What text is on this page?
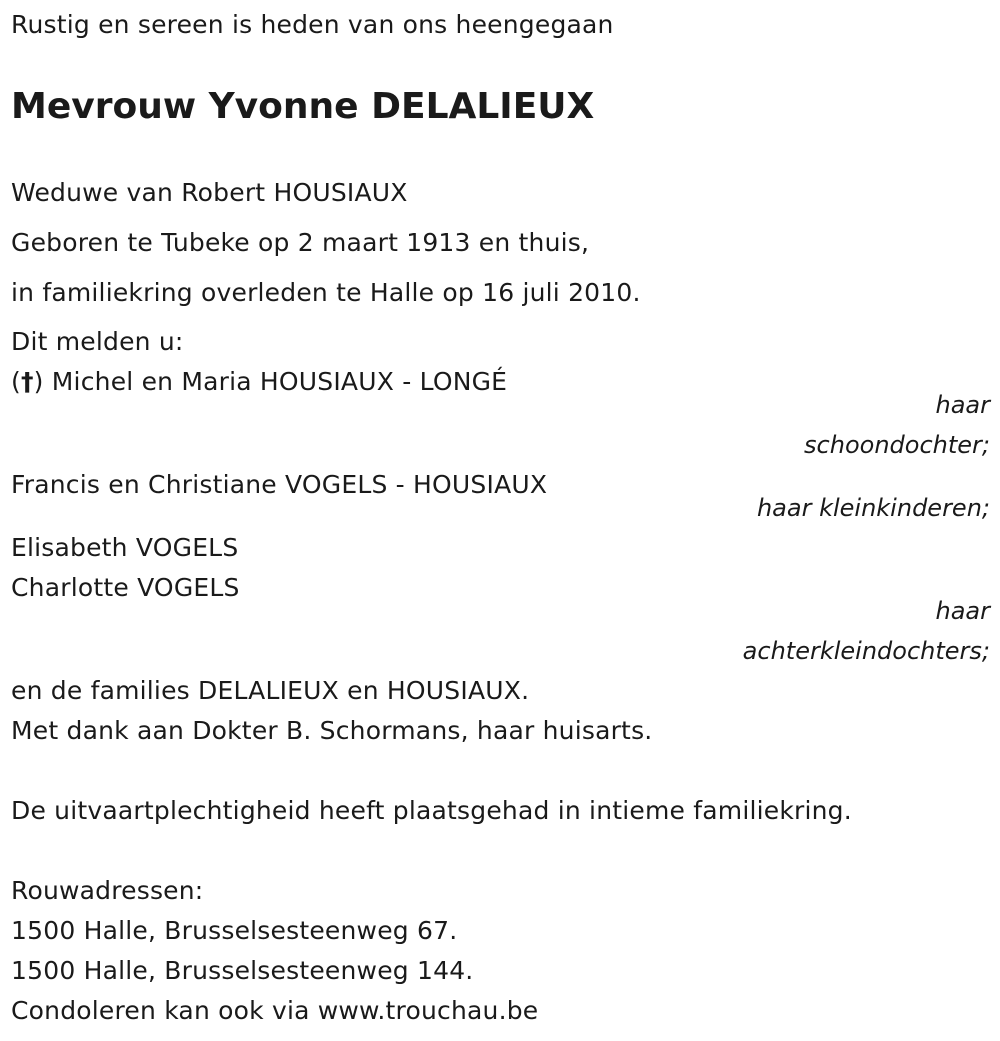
Rustig en sereen is heden van ons heengegaan
Mevrouw Yvonne DELALIEUX
Weduwe van Robert HOUSIAUX
Geboren te Tubeke op 2 maart 1913 en thuis,
in familiekring overleden te Halle op 16 juli 2010.
Dit melden u:
(†) Michel en Maria HOUSIAUX - LONGÉ
haar
schoondochter;
Francis en Christiane VOGELS - HOUSIAUX
haar kleinkinderen;
Elisabeth VOGELS
Charlotte VOGELS
haar
achterkleindochters;
en de families DELALIEUX en HOUSIAUX.
Met dank aan Dokter B. Schormans, haar huisarts.
De uitvaartplechtigheid heeft plaatsgehad in intieme familiekring.
Rouwadressen:
1500 Halle, Brusselsesteenweg 67.
1500 Halle, Brusselsesteenweg 144.
Condoleren kan ook via www.trouchau.be
